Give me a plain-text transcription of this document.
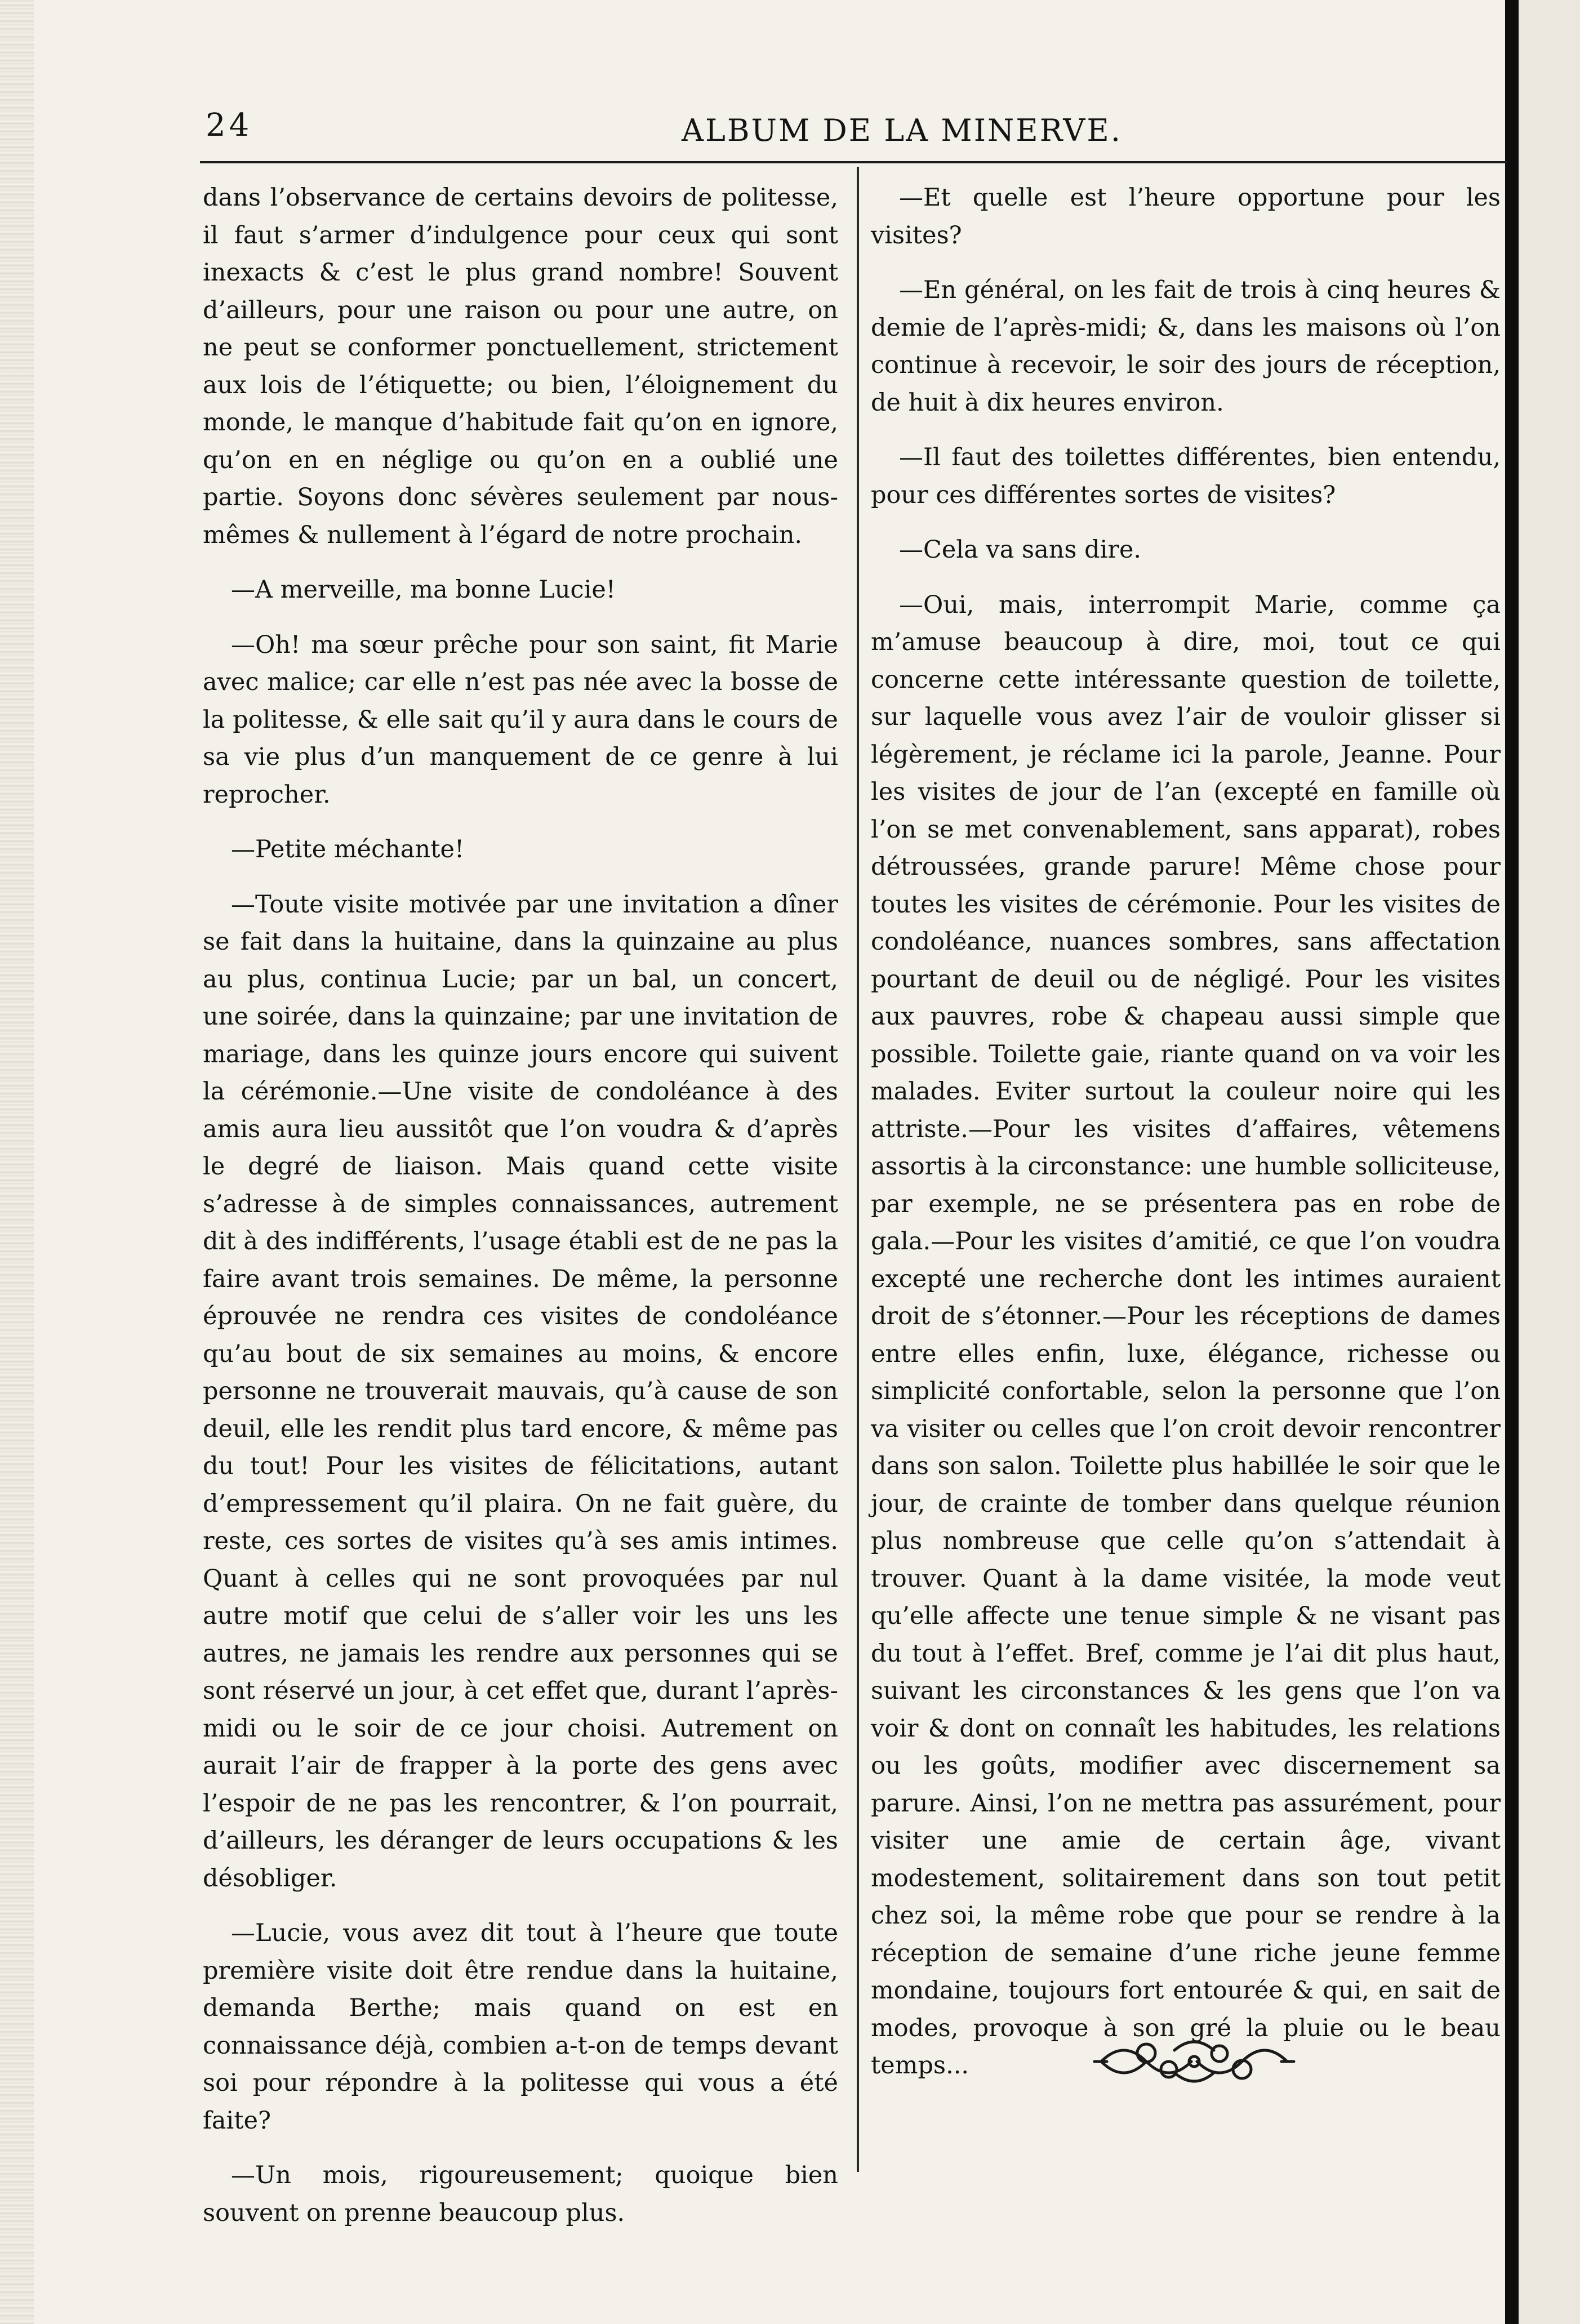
24	ALBUM DE LA MINERVE.

dans l’observance de certains devoirs de politesse, il faut s’armer d’indulgence pour ceux qui sont inexacts & c’est le plus grand nombre! Souvent d’ailleurs, pour une raison ou pour une autre, on ne peut se conformer ponctuellement, strictement aux lois de l’étiquette; ou bien, l’éloignement du monde, le manque d’habitude fait qu’on en ignore, qu’on en en néglige ou qu’on en a oublié une partie. Soyons donc sévères seulement par nous-mêmes & nullement à l’égard de notre prochain.

—A merveille, ma bonne Lucie!

—Oh! ma sœur prêche pour son saint, fit Marie avec malice; car elle n’est pas née avec la bosse de la politesse, & elle sait qu’il y aura dans le cours de sa vie plus d’un manquement de ce genre à lui reprocher.

—Petite méchante!

—Toute visite motivée par une invitation a dîner se fait dans la huitaine, dans la quinzaine au plus au plus, continua Lucie; par un bal, un concert, une soirée, dans la quinzaine; par une invitation de mariage, dans les quinze jours encore qui suivent la cérémonie.—Une visite de condoléance à des amis aura lieu aussitôt que l’on voudra & d’après le degré de liaison. Mais quand cette visite s’adresse à de simples connaissances, autrement dit à des indifférents, l’usage établi est de ne pas la faire avant trois semaines. De même, la personne éprouvée ne rendra ces visites de condoléance qu’au bout de six semaines au moins, & encore personne ne trouverait mauvais, qu’à cause de son deuil, elle les rendit plus tard encore, & même pas du tout! Pour les visites de félicitations, autant d’empressement qu’il plaira. On ne fait guère, du reste, ces sortes de visites qu’à ses amis intimes. Quant à celles qui ne sont provoquées par nul autre motif que celui de s’aller voir les uns les autres, ne jamais les rendre aux personnes qui se sont réservé un jour, à cet effet que, durant l’après-midi ou le soir de ce jour choisi. Autrement on aurait l’air de frapper à la porte des gens avec l’espoir de ne pas les rencontrer, & l’on pourrait, d’ailleurs, les déranger de leurs occupations & les désobliger.

—Lucie, vous avez dit tout à l’heure que toute première visite doit être rendue dans la huitaine, demanda Berthe; mais quand on est en connaissance déjà, combien a-t-on de temps devant soi pour répondre à la politesse qui vous a été faite?

—Un mois, rigoureusement; quoique bien souvent on prenne beaucoup plus.

—Et quelle est l’heure opportune pour les visites?

—En général, on les fait de trois à cinq heures & demie de l’après-midi; &, dans les maisons où l’on continue à recevoir, le soir des jours de réception, de huit à dix heures environ.

—Il faut des toilettes différentes, bien entendu, pour ces différentes sortes de visites?

—Cela va sans dire.

—Oui, mais, interrompit Marie, comme ça m’amuse beaucoup à dire, moi, tout ce qui concerne cette intéressante question de toilette, sur laquelle vous avez l’air de vouloir glisser si légèrement, je réclame ici la parole, Jeanne. Pour les visites de jour de l’an (excepté en famille où l’on se met convenablement, sans apparat), robes détroussées, grande parure! Même chose pour toutes les visites de cérémonie. Pour les visites de condoléance, nuances sombres, sans affectation pourtant de deuil ou de négligé. Pour les visites aux pauvres, robe & chapeau aussi simple que possible. Toilette gaie, riante quand on va voir les malades. Eviter surtout la couleur noire qui les attriste.—Pour les visites d’affaires, vêtemens assortis à la circonstance: une humble solliciteuse, par exemple, ne se présentera pas en robe de gala.—Pour les visites d’amitié, ce que l’on voudra excepté une recherche dont les intimes auraient droit de s’étonner.—Pour les réceptions de dames entre elles enfin, luxe, élégance, richesse ou simplicité confortable, selon la personne que l’on va visiter ou celles que l’on croit devoir rencontrer dans son salon. Toilette plus habillée le soir que le jour, de crainte de tomber dans quelque réunion plus nombreuse que celle qu’on s’attendait à trouver. Quant à la dame visitée, la mode veut qu’elle affecte une tenue simple & ne visant pas du tout à l’effet. Bref, comme je l’ai dit plus haut, suivant les circonstances & les gens que l’on va voir & dont on connaît les habitudes, les relations ou les goûts, modifier avec discernement sa parure. Ainsi, l’on ne mettra pas assurément, pour visiter une amie de certain âge, vivant modestement, solitairement dans son tout petit chez soi, la même robe que pour se rendre à la réception de semaine d’une riche jeune femme mondaine, toujours fort entourée & qui, en sait de modes, provoque à son gré la pluie ou le beau temps...
